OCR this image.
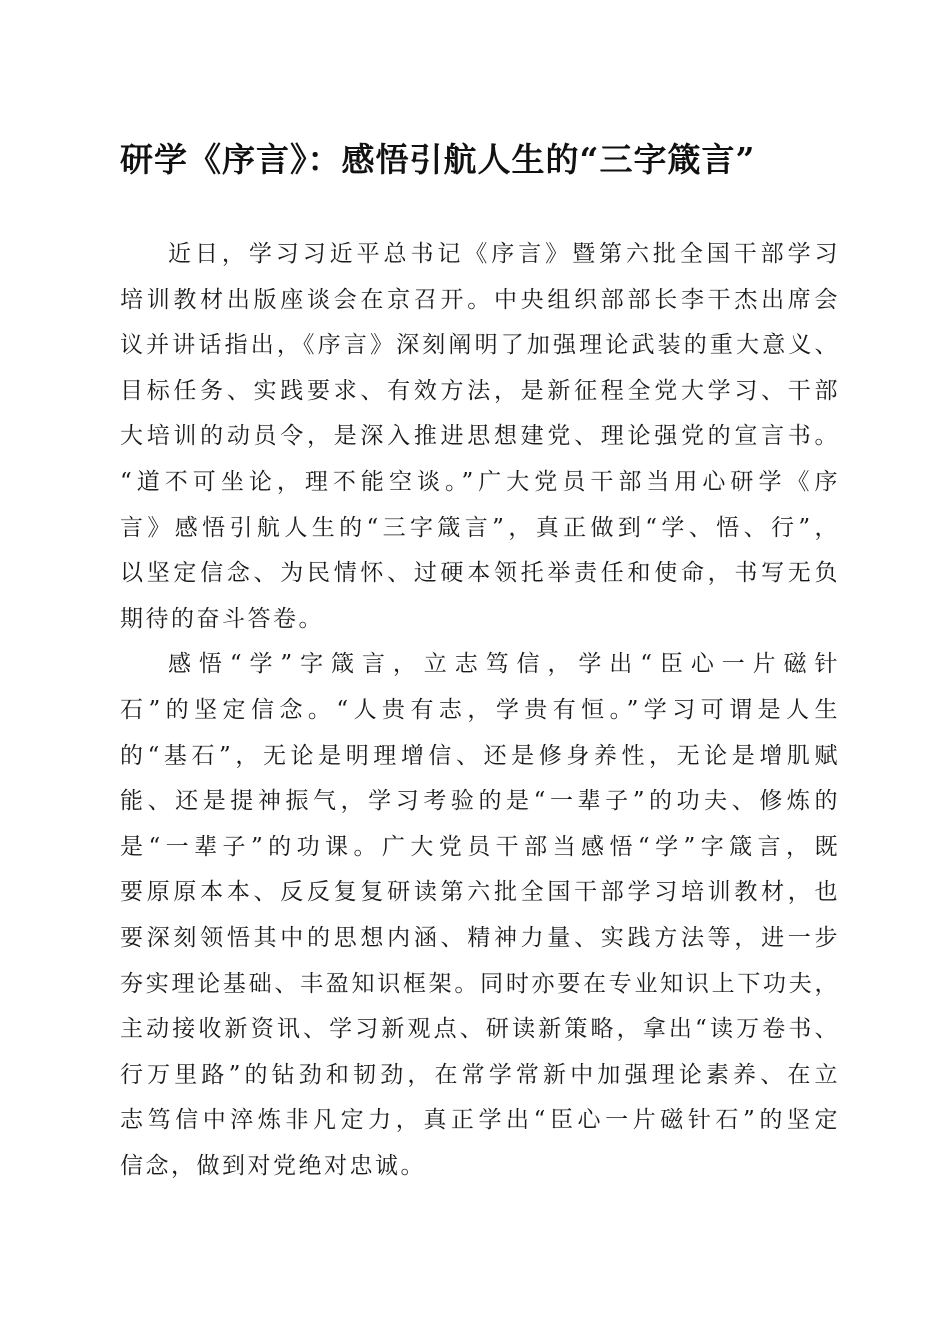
研学《序言》：感悟引航人生的“三字箴言”
近日，学习习近平总书记《序言》暨第六批全国干部学习
培训教材出版座谈会在京召开。中央组织部部长李干杰出席会
议并讲话指出，《序言》深刻阐明了加强理论武装的重大意义、
目标任务、实践要求、有效方法，是新征程全党大学习、干部
大培训的动员令，是深入推进思想建党、理论强党的宣言书。
“道不可坐论，理不能空谈。”广大党员干部当用心研学《序
言》感悟引航人生的“三字箴言”，真正做到“学、悟、行”，
以坚定信念、为民情怀、过硬本领托举责任和使命，书写无负
期待的奋斗答卷。
感悟“学”字箴言，立志笃信，学出“臣心一片磁针
石”的坚定信念。“人贵有志，学贵有恒。”学习可谓是人生
的“基石”，无论是明理增信、还是修身养性，无论是增肌赋
能、还是提神振气，学习考验的是“一辈子”的功夫、修炼的
是“一辈子”的功课。广大党员干部当感悟“学”字箴言，既
要原原本本、反反复复研读第六批全国干部学习培训教材，也
要深刻领悟其中的思想内涵、精神力量、实践方法等，进一步
夯实理论基础、丰盈知识框架。同时亦要在专业知识上下功夫，
主动接收新资讯、学习新观点、研读新策略，拿出“读万卷书、
行万里路”的钻劲和韧劲，在常学常新中加强理论素养、在立
志笃信中淬炼非凡定力，真正学出“臣心一片磁针石”的坚定
信念，做到对党绝对忠诚。
